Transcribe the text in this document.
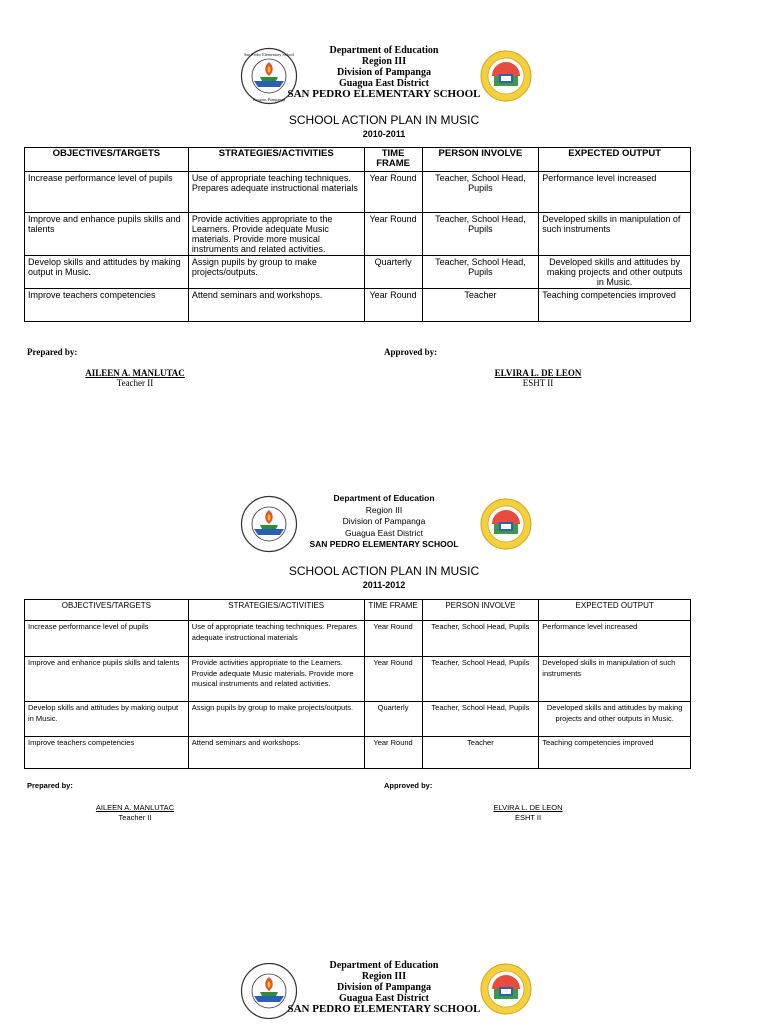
San Pedro Elementary School
Guagua, Pampanga
Department of Education
Region III
Division of Pampanga
Guagua East District
SAN PEDRO ELEMENTARY SCHOOL
SCHOOL ACTION PLAN IN MUSIC
2010-2011
OBJECTIVES/TARGETS	STRATEGIES/ACTIVITIES	TIME FRAME	PERSON INVOLVE	EXPECTED OUTPUT
Increase performance level of pupils	Use of appropriate teaching techniques. Prepares adequate instructional materials	Year Round	Teacher, School Head, Pupils	Performance level increased
Improve and enhance pupils skills and talents	Provide activities appropriate to the Learners. Provide adequate Music materials. Provide more musical instruments and related activities.	Year Round	Teacher, School Head, Pupils	Developed skills in manipulation of such instruments
Develop skills and attitudes by making output in Music.	Assign pupils by group to make projects/outputs.	Quarterly	Teacher, School Head, Pupils	Developed skills and attitudes by making projects and other outputs in Music.
Improve teachers competencies	Attend seminars and workshops.	Year Round	Teacher	Teaching competencies improved
Prepared by:	Approved by:
AILEEN A. MANLUTAC
Teacher II
ELVIRA L. DE LEON
ESHT II
Department of Education
Region III
Division of Pampanga
Guagua East District
SAN PEDRO ELEMENTARY SCHOOL
SCHOOL ACTION PLAN IN MUSIC
2011-2012
OBJECTIVES/TARGETS	STRATEGIES/ACTIVITIES	TIME FRAME	PERSON INVOLVE	EXPECTED OUTPUT
Increase performance level of pupils	Use of appropriate teaching techniques. Prepares adequate instructional materials	Year Round	Teacher, School Head, Pupils	Performance level increased
Improve and enhance pupils skills and talents	Provide activities appropriate to the Learners. Provide adequate Music materials. Provide more musical instruments and related activities.	Year Round	Teacher, School Head, Pupils	Developed skills in manipulation of such instruments
Develop skills and attitudes by making output in Music.	Assign pupils by group to make projects/outputs.	Quarterly	Teacher, School Head, Pupils	Developed skills and attitudes by making projects and other outputs in Music.
Improve teachers competencies	Attend seminars and workshops.	Year Round	Teacher	Teaching competencies improved
Prepared by:	Approved by:
AILEEN A. MANLUTAC
Teacher II
ELVIRA L. DE LEON
ESHT II
Department of Education
Region III
Division of Pampanga
Guagua East District
SAN PEDRO ELEMENTARY SCHOOL
